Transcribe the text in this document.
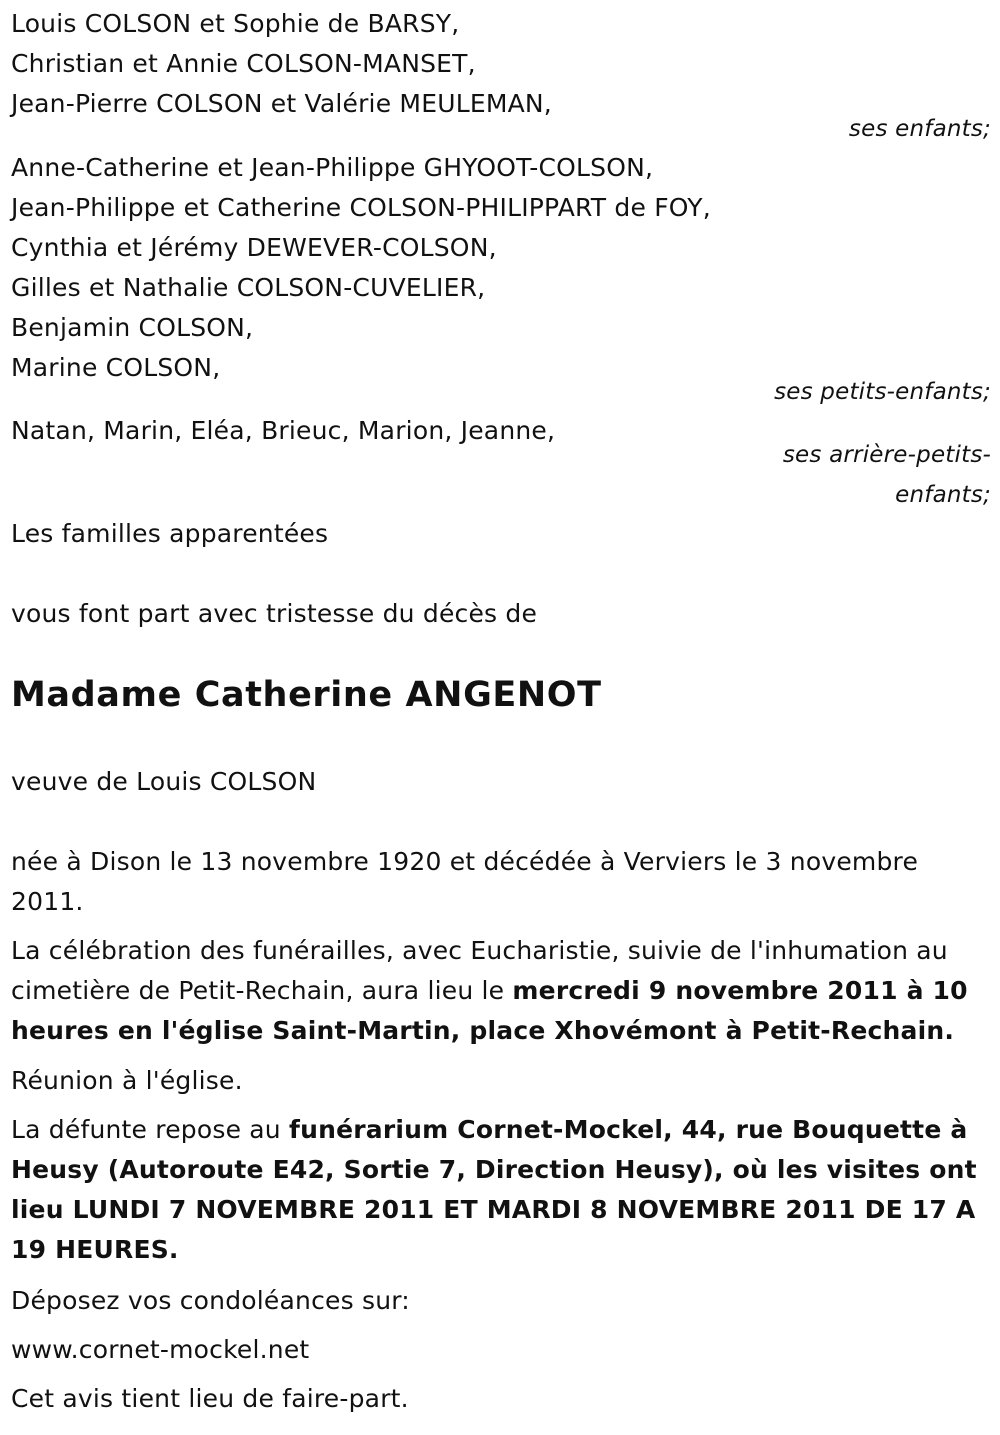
Louis COLSON et Sophie de BARSY,
Christian et Annie COLSON-MANSET,
Jean-Pierre COLSON et Valérie MEULEMAN,
ses enfants;
Anne-Catherine et Jean-Philippe GHYOOT-COLSON,
Jean-Philippe et Catherine COLSON-PHILIPPART de FOY,
Cynthia et Jérémy DEWEVER-COLSON,
Gilles et Nathalie COLSON-CUVELIER,
Benjamin COLSON,
Marine COLSON,
ses petits-enfants;
Natan, Marin, Eléa, Brieuc, Marion, Jeanne,
ses arrière-petits-
enfants;
Les familles apparentées
vous font part avec tristesse du décès de
Madame Catherine ANGENOT
veuve de Louis COLSON
née à Dison le 13 novembre 1920 et décédée à Verviers le 3 novembre 2011.
La célébration des funérailles, avec Eucharistie, suivie de l'inhumation au cimetière de Petit-Rechain, aura lieu le mercredi 9 novembre 2011 à 10 heures en l'église Saint-Martin, place Xhovémont à Petit-Rechain.
Réunion à l'église.
La défunte repose au funérarium Cornet-Mockel, 44, rue Bouquette à Heusy (Autoroute E42, Sortie 7, Direction Heusy), où les visites ont lieu LUNDI 7 NOVEMBRE 2011 ET MARDI 8 NOVEMBRE 2011 DE 17 A 19 HEURES.
Déposez vos condoléances sur:
www.cornet-mockel.net
Cet avis tient lieu de faire-part.
